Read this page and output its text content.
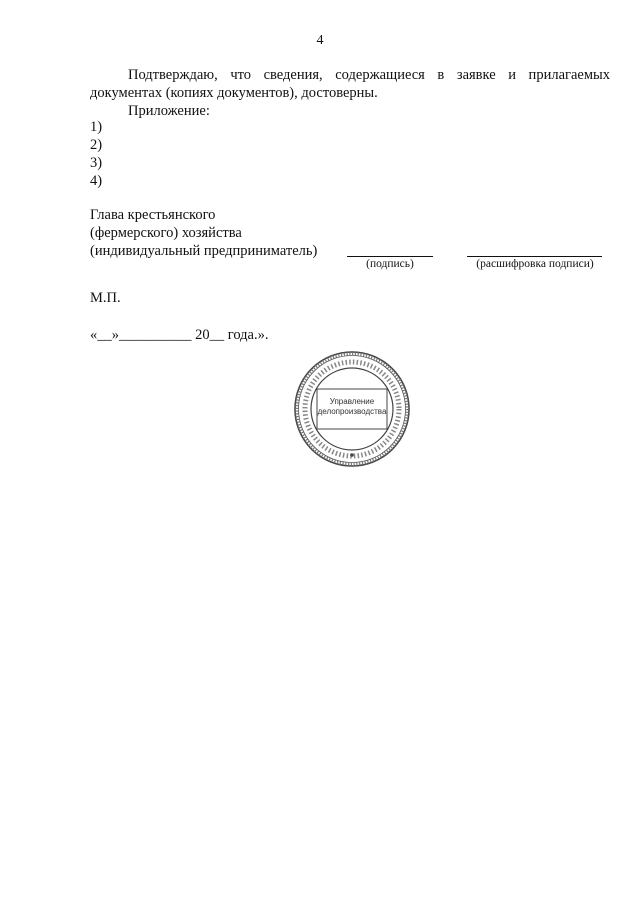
4
Подтверждаю, что сведения, содержащиеся в заявке и прилагаемых документах (копиях документов), достоверны.
Приложение:
1)
2)
3)
4)
Глава крестьянского
(фермерского) хозяйства
(индивидуальный предприниматель)
(подпись)	(расшифровка подписи)
М.П.
«__»__________ 20__ года.».
Управление
делопроизводства
